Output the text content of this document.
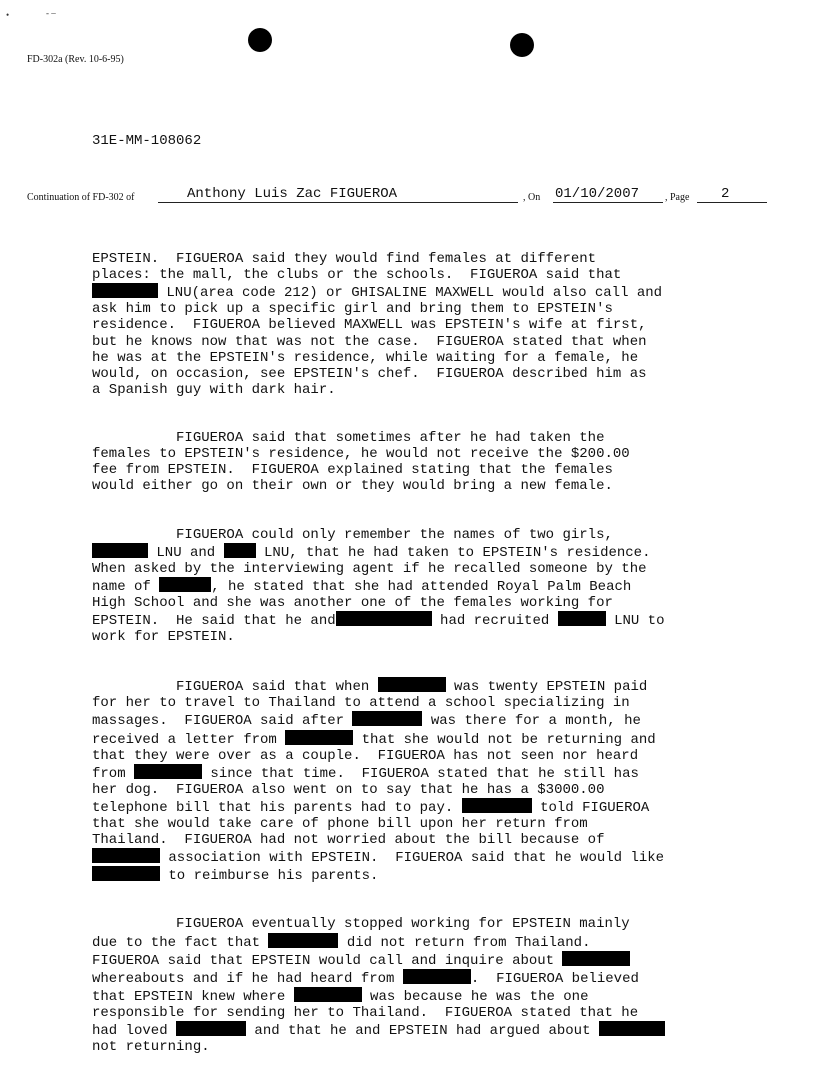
•	- –
FD-302a (Rev. 10-6-95)
31E-MM-108062
Continuation of FD-302 of	Anthony Luis Zac FIGUEROA	, On 01/10/2007	, Page 2

EPSTEIN.  FIGUEROA said they would find females at different
places: the mall, the clubs or the schools.  FIGUEROA said that
LNU(area code 212) or GHISALINE MAXWELL would also call and
ask him to pick up a specific girl and bring them to EPSTEIN's
residence.  FIGUEROA believed MAXWELL was EPSTEIN's wife at first,
but he knows now that was not the case.  FIGUEROA stated that when
he was at the EPSTEIN's residence, while waiting for a female, he
would, on occasion, see EPSTEIN's chef.  FIGUEROA described him as
a Spanish guy with dark hair.

FIGUEROA said that sometimes after he had taken the
females to EPSTEIN's residence, he would not receive the $200.00
fee from EPSTEIN.  FIGUEROA explained stating that the females
would either go on their own or they would bring a new female.

FIGUEROA could only remember the names of two girls,
LNU and  LNU, that he had taken to EPSTEIN's residence.
When asked by the interviewing agent if he recalled someone by the
name of	, he stated that she had attended Royal Palm Beach
High School and she was another one of the females working for
EPSTEIN.  He said that he and	had recruited	LNU to
work for EPSTEIN.

FIGUEROA said that when	was twenty EPSTEIN paid
for her to travel to Thailand to attend a school specializing in
massages.  FIGUEROA said after	was there for a month, he
received a letter from	that she would not be returning and
that they were over as a couple.  FIGUEROA has not seen nor heard
from	since that time.  FIGUEROA stated that he still has
her dog.  FIGUEROA also went on to say that he has a $3000.00
telephone bill that his parents had to pay.	told FIGUEROA
that she would take care of phone bill upon her return from
Thailand.  FIGUEROA had not worried about the bill because of
association with EPSTEIN.  FIGUEROA said that he would like
to reimburse his parents.

FIGUEROA eventually stopped working for EPSTEIN mainly
due to the fact that	did not return from Thailand.
FIGUEROA said that EPSTEIN would call and inquire about
whereabouts and if he had heard from	.  FIGUEROA believed
that EPSTEIN knew where	was because he was the one
responsible for sending her to Thailand.  FIGUEROA stated that he
had loved	and that he and EPSTEIN had argued about
not returning.
